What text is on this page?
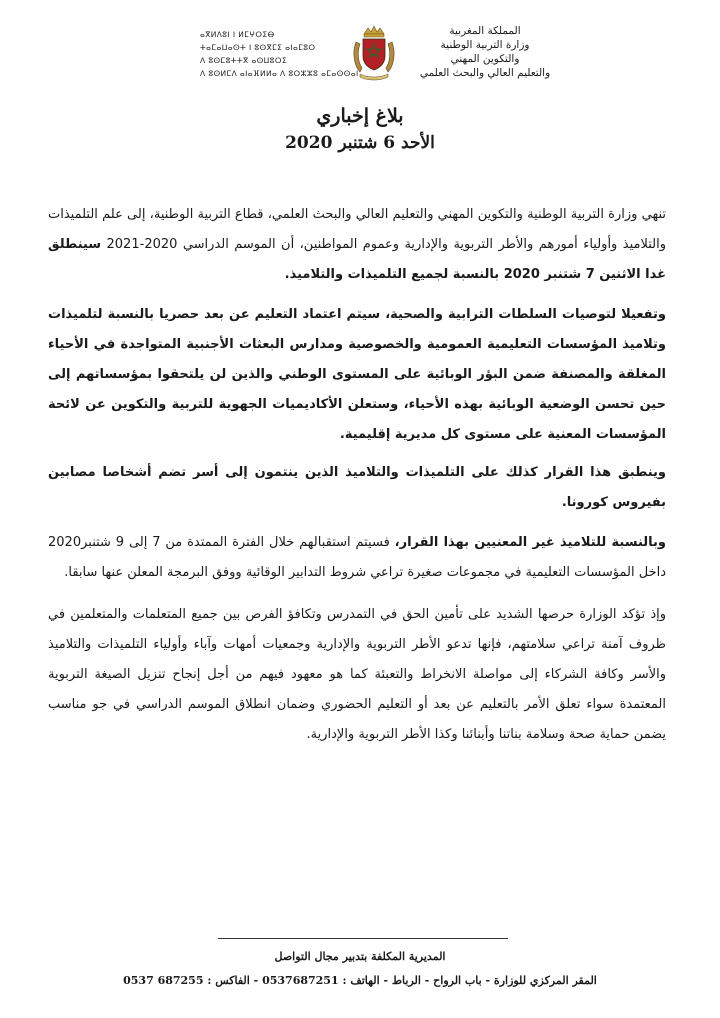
المملكة المغربية
وزارة التربية الوطنية
والتكوين المهني
والتعليم العالي والبحث العلمي
ⴰⴳⵍⴷⵓⵏ ⵏ ⵍⵎⵖⵔⵉⴱ
ⵜⴰⵎⴰⵡⴰⵙⵜ ⵏ ⵓⵙⴳⵎⵉ ⴰⵏⴰⵎⵓⵔ
ⴷ ⵓⵙⵎⵓⵜⵜⴳ ⴰⵙⵡⵓⵔⵉ
ⴷ ⵓⵙⵍⵎⴷ ⴰⵏⴰⴼⵍⵍⴰ ⴷ ⵓⵔⵣⵣⵓ ⴰⵎⴰⵙⵙⴰⵏ
بلاغ إخباري
الأحد 6 شتنبر 2020

تنهي وزارة التربية الوطنية والتكوين المهني والتعليم العالي والبحث العلمي، قطاع التربية الوطنية، إلى علم التلميذات والتلاميذ وأولياء أمورهم والأطر التربوية والإدارية وعموم المواطنين، أن الموسم الدراسي 2020-2021 سينطلق غدا الاثنين 7 شتنبر 2020 بالنسبة لجميع التلميذات والتلاميذ.

وتفعيلا لتوصيات السلطات الترابية والصحية، سيتم اعتماد التعليم عن بعد حصريا بالنسبة لتلميذات وتلاميذ المؤسسات التعليمية العمومية والخصوصية ومدارس البعثات الأجنبية المتواجدة في الأحياء المغلقة والمصنفة ضمن البؤر الوبائية على المستوى الوطني والذين لن يلتحقوا بمؤسساتهم إلى حين تحسن الوضعية الوبائية بهذه الأحياء، وستعلن الأكاديميات الجهوية للتربية والتكوين عن لائحة المؤسسات المعنية على مستوى كل مديرية إقليمية.

وينطبق هذا القرار كذلك على التلميذات والتلاميذ الذين ينتمون إلى أسر تضم أشخاصا مصابين بفيروس كورونا.

وبالنسبة للتلاميذ غير المعنيين بهذا القرار، فسيتم استقبالهم خلال الفترة الممتدة من 7 إلى 9 شتنبر2020 داخل المؤسسات التعليمية في مجموعات صغيرة تراعي شروط التدابير الوقائية ووفق البرمجة المعلن عنها سابقا.

وإذ تؤكد الوزارة حرصها الشديد على تأمين الحق في التمدرس وتكافؤ الفرص بين جميع المتعلمات والمتعلمين في ظروف آمنة تراعي سلامتهم، فإنها تدعو الأطر التربوية والإدارية وجمعيات أمهات وآباء وأولياء التلميذات والتلاميذ والأسر وكافة الشركاء إلى مواصلة الانخراط والتعبئة كما هو معهود فيهم من أجل إنجاح تنزيل الصيغة التربوية المعتمدة سواء تعلق الأمر بالتعليم عن بعد أو التعليم الحضوري وضمان انطلاق الموسم الدراسي في جو مناسب يضمن حماية صحة وسلامة بناتنا وأبنائنا وكذا الأطر التربوية والإدارية.

المديرية المكلفة بتدبير مجال التواصل
المقر المركزي للوزارة - باب الرواح - الرباط - الهاتف : 0537687251 - الفاكس : 0537 687255
